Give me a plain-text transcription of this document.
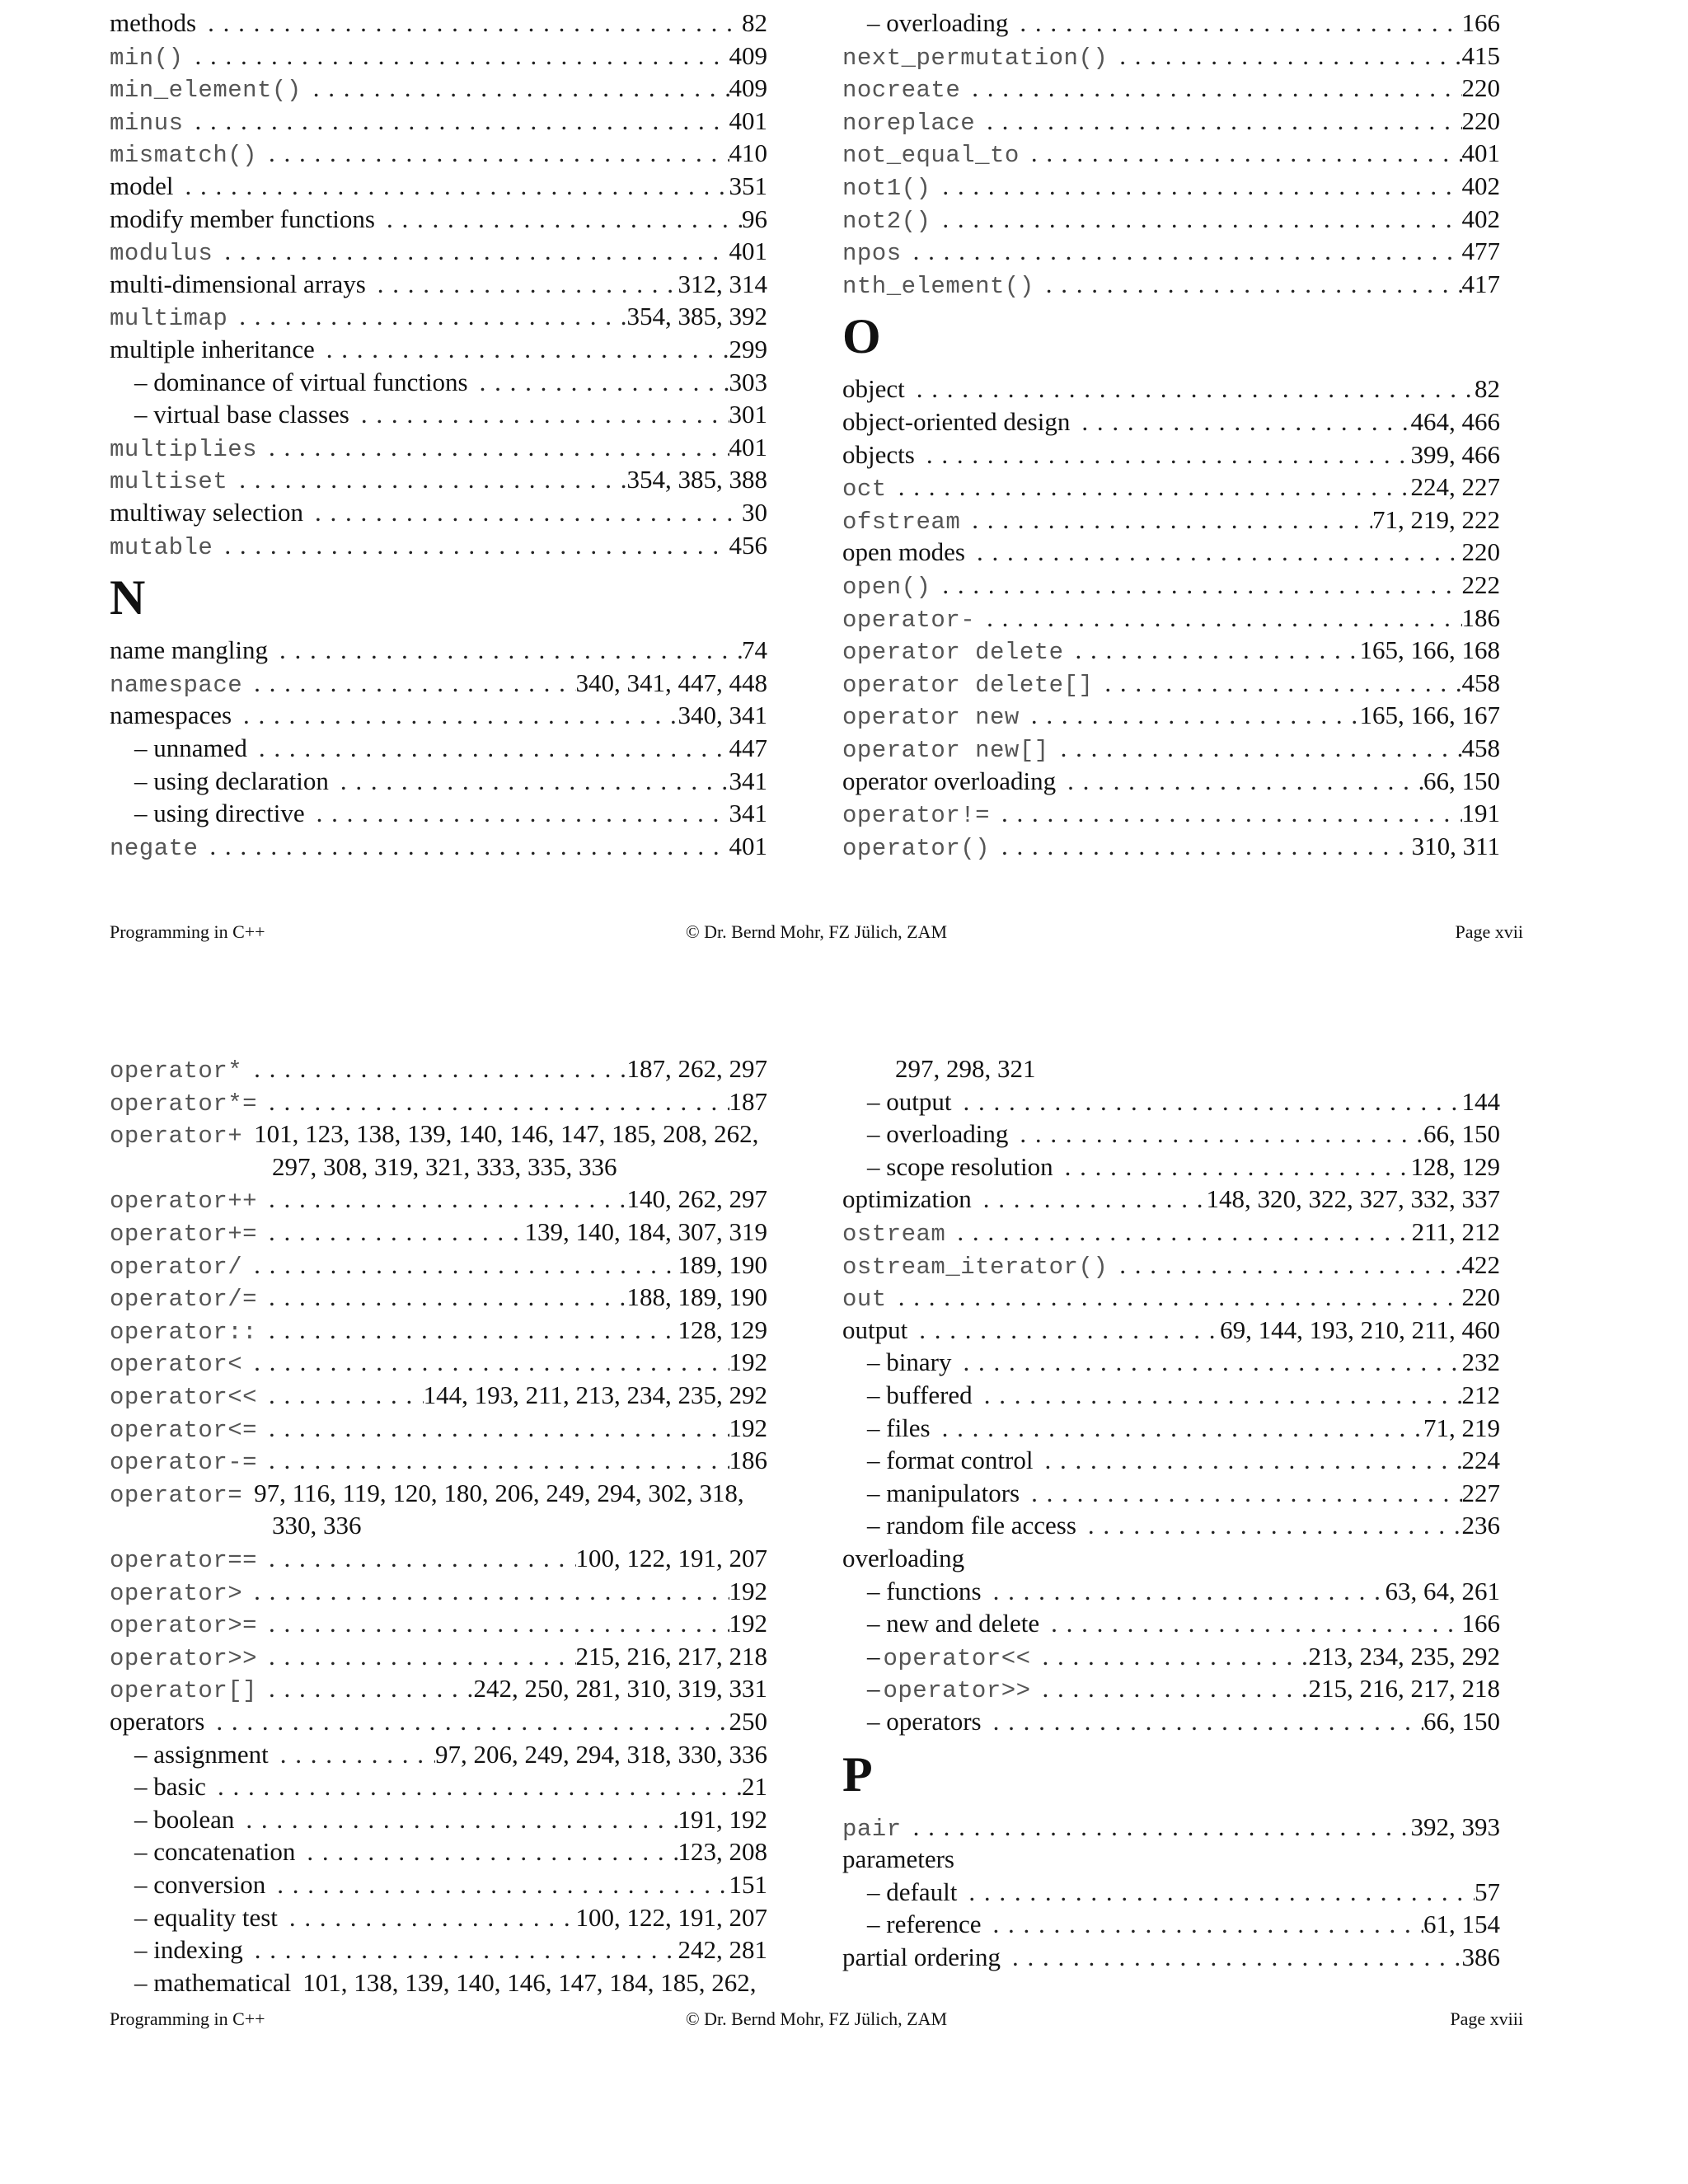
methods . . .	82
min() . . .	409
min_element() . . .	409
minus . . .	401
mismatch() . . .	410
model . . .	351
modify member functions . . .	96
modulus . . .	401
multi-dimensional arrays . . .	312, 314
multimap . . .	354, 385, 392
multiple inheritance . . .	299
– dominance of virtual functions . . .	303
– virtual base classes . . .	301
multiplies . . .	401
multiset . . .	354, 385, 388
multiway selection . . .	30
mutable . . .	456
N
name mangling . . .	74
namespace . . .	340, 341, 447, 448
namespaces . . .	340, 341
– unnamed . . .	447
– using declaration . . .	341
– using directive . . .	341
negate . . .	401
– overloading . . .	166
next_permutation() . . .	415
nocreate . . .	220
noreplace . . .	220
not_equal_to . . .	401
not1() . . .	402
not2() . . .	402
npos . . .	477
nth_element() . . .	417
O
object . . .	82
object-oriented design . . .	464, 466
objects . . .	399, 466
oct . . .	224, 227
ofstream . . .	71, 219, 222
open modes . . .	220
open() . . .	222
operator- . . .	186
operator delete . . .	165, 166, 168
operator delete[] . . .	458
operator new . . .	165, 166, 167
operator new[] . . .	458
operator overloading . . .	66, 150
operator!= . . .	191
operator() . . .	310, 311
Programming in C++	© Dr. Bernd Mohr, FZ Jülich, ZAM	Page xvii
operator* . . .	187, 262, 297
operator*= . . .	187
operator+ 101, 123, 138, 139, 140, 146, 147, 185, 208, 262,
297, 308, 319, 321, 333, 335, 336
operator++ . . .	140, 262, 297
operator+= . . .	139, 140, 184, 307, 319
operator/ . . .	189, 190
operator/= . . .	188, 189, 190
operator:: . . .	128, 129
operator< . . .	192
operator<< . . .	144, 193, 211, 213, 234, 235, 292
operator<= . . .	192
operator-= . . .	186
operator= 97, 116, 119, 120, 180, 206, 249, 294, 302, 318,
330, 336
operator== . . .	100, 122, 191, 207
operator> . . .	192
operator>= . . .	192
operator>> . . .	215, 216, 217, 218
operator[] . . .	242, 250, 281, 310, 319, 331
operators . . .	250
– assignment . . .	97, 206, 249, 294, 318, 330, 336
– basic . . .	21
– boolean . . .	191, 192
– concatenation . . .	123, 208
– conversion . . .	151
– equality test . . .	100, 122, 191, 207
– indexing . . .	242, 281
– mathematical 101, 138, 139, 140, 146, 147, 184, 185, 262,
297, 298, 321
– output . . .	144
– overloading . . .	66, 150
– scope resolution . . .	128, 129
optimization . . .	148, 320, 322, 327, 332, 337
ostream . . .	211, 212
ostream_iterator() . . .	422
out . . .	220
output . . .	69, 144, 193, 210, 211, 460
– binary . . .	232
– buffered . . .	212
– files . . .	71, 219
– format control . . .	224
– manipulators . . .	227
– random file access . . .	236
overloading
– functions . . .	63, 64, 261
– new and delete . . .	166
– operator<< . . .	213, 234, 235, 292
– operator>> . . .	215, 216, 217, 218
– operators . . .	66, 150
P
pair . . .	392, 393
parameters
– default . . .	57
– reference . . .	61, 154
partial ordering . . .	386
Programming in C++	© Dr. Bernd Mohr, FZ Jülich, ZAM	Page xviii
